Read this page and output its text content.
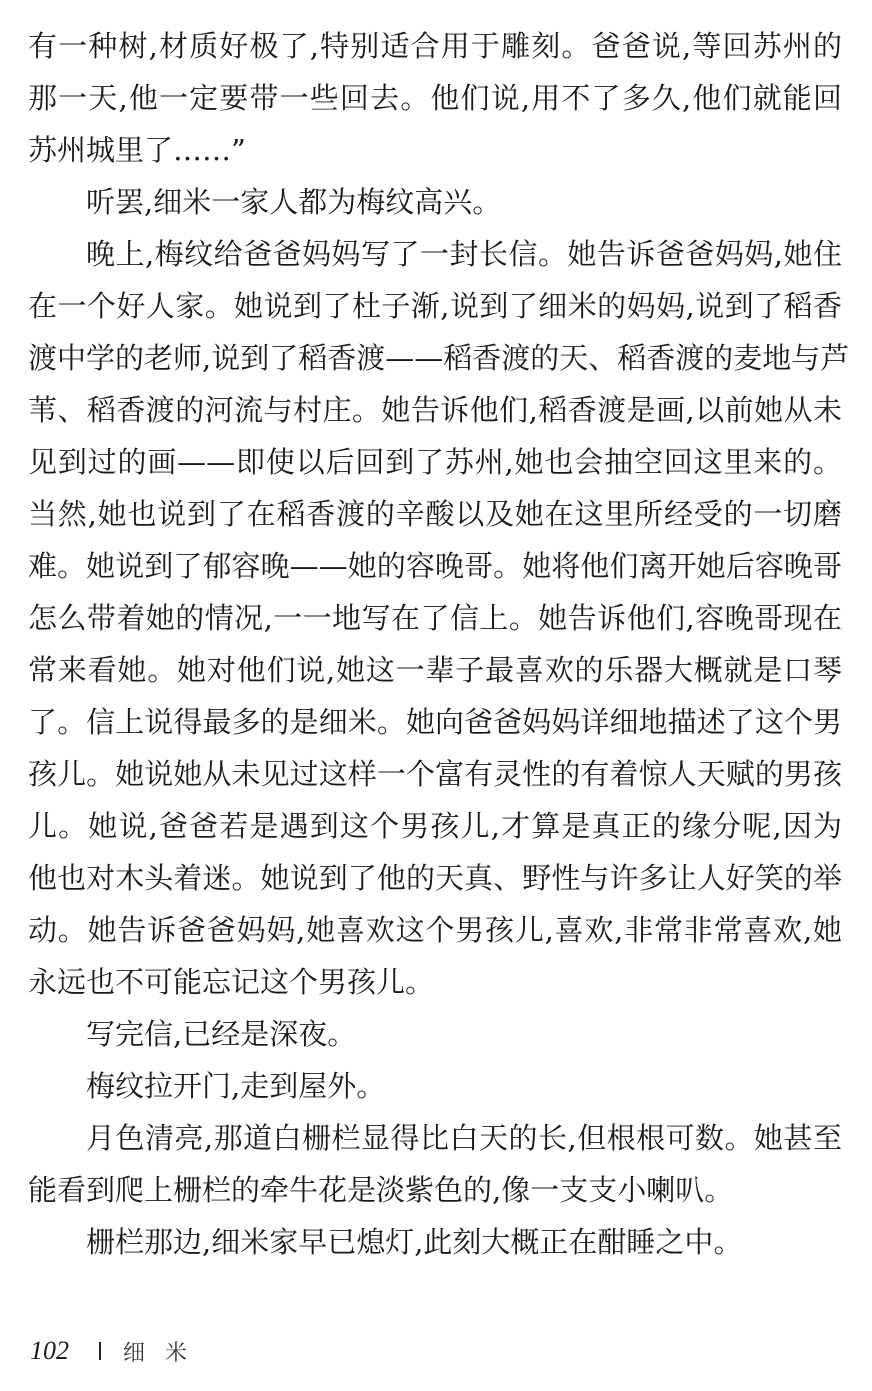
有一种树,材质好极了,特别适合用于雕刻。爸爸说,等回苏州的
那一天,他一定要带一些回去。他们说,用不了多久,他们就能回
苏州城里了……”
听罢,细米一家人都为梅纹高兴。
晚上,梅纹给爸爸妈妈写了一封长信。她告诉爸爸妈妈,她住
在一个好人家。她说到了杜子渐,说到了细米的妈妈,说到了稻香
渡中学的老师,说到了稻香渡——稻香渡的天、稻香渡的麦地与芦
苇、稻香渡的河流与村庄。她告诉他们,稻香渡是画,以前她从未
见到过的画——即使以后回到了苏州,她也会抽空回这里来的。
当然,她也说到了在稻香渡的辛酸以及她在这里所经受的一切磨
难。她说到了郁容晚——她的容晚哥。她将他们离开她后容晚哥
怎么带着她的情况,一一地写在了信上。她告诉他们,容晚哥现在
常来看她。她对他们说,她这一辈子最喜欢的乐器大概就是口琴
了。信上说得最多的是细米。她向爸爸妈妈详细地描述了这个男
孩儿。她说她从未见过这样一个富有灵性的有着惊人天赋的男孩
儿。她说,爸爸若是遇到这个男孩儿,才算是真正的缘分呢,因为
他也对木头着迷。她说到了他的天真、野性与许多让人好笑的举
动。她告诉爸爸妈妈,她喜欢这个男孩儿,喜欢,非常非常喜欢,她
永远也不可能忘记这个男孩儿。
写完信,已经是深夜。
梅纹拉开门,走到屋外。
月色清亮,那道白栅栏显得比白天的长,但根根可数。她甚至
能看到爬上栅栏的牵牛花是淡紫色的,像一支支小喇叭。
栅栏那边,细米家早已熄灯,此刻大概正在酣睡之中。
102 细米
